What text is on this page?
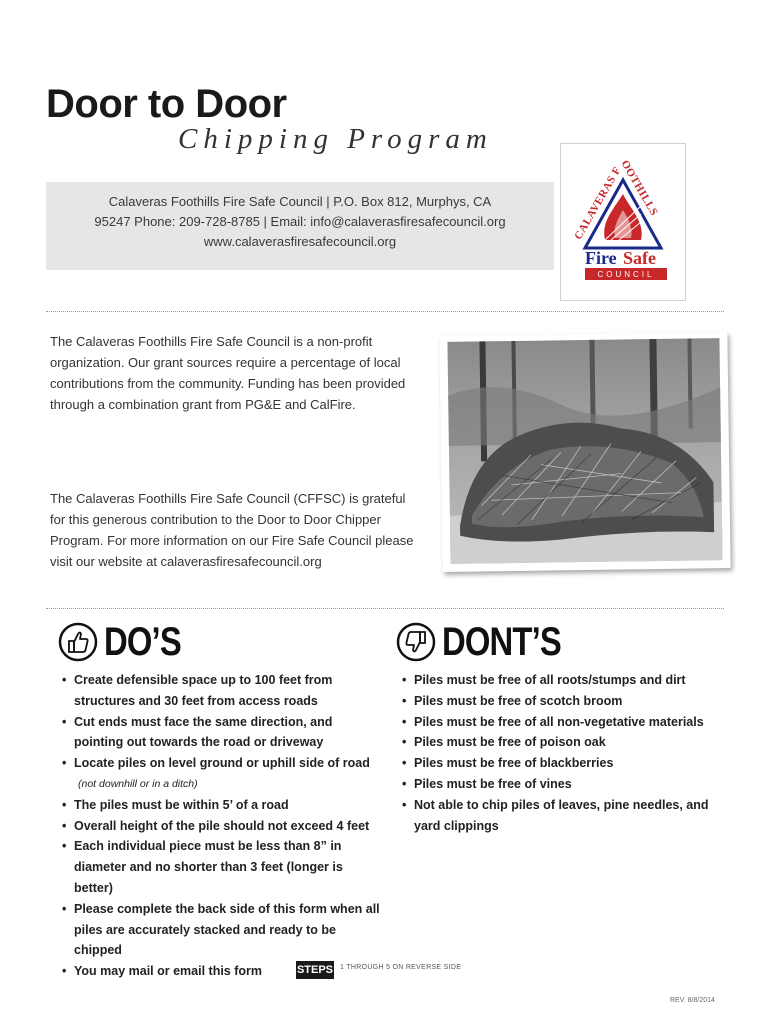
Door to Door
Chipping Program
Calaveras Foothills Fire Safe Council | P.O. Box 812, Murphys, CA
95247 Phone: 209-728-8785 | Email: info@calaverasfiresafecouncil.org
www.calaverasfiresafecouncil.org	CALAVERAS FOOTHILLS
Fire Safe
COUNCIL
The Calaveras Foothills Fire Safe Council is a non-profit organization. Our grant sources require a percentage of local contributions from the community. Funding has been provided through a combination grant from PG&E and CalFire.
The Calaveras Foothills Fire Safe Council (CFFSC) is grateful for this generous contribution to the Door to Door Chipper Program. For more information on our Fire Safe Council please visit our website at calaverasfiresafecouncil.org
DO’S
• Create defensible space up to 100 feet from structures and 30 feet from access roads
• Cut ends must face the same direction, and pointing out towards the road or driveway
• Locate piles on level ground or uphill side of road
(not downhill or in a ditch)
• The piles must be within 5’ of a road
• Overall height of the pile should not exceed 4 feet
• Each individual piece must be less than 8” in diameter and no shorter than 3 feet (longer is better)
• Please complete the back side of this form when all piles are accurately stacked and ready to be chipped
• You may mail or email this form
DONT’S
• Piles must be free of all roots/stumps and dirt
• Piles must be free of scotch broom
• Piles must be free of all non-vegetative materials
• Piles must be free of poison oak
• Piles must be free of blackberries
• Piles must be free of vines
• Not able to chip piles of leaves, pine needles, and yard clippings
STEPS 1 THROUGH 5 ON REVERSE SIDE
REV. 8/8/2014
